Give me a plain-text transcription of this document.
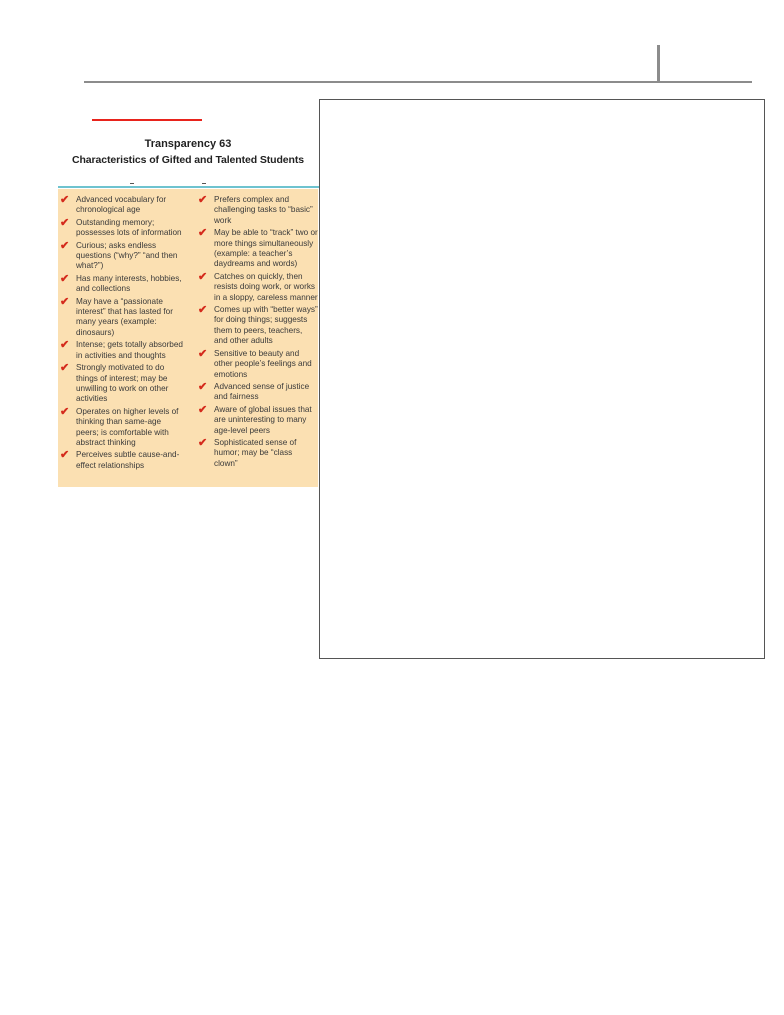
Transparency 63
Characteristics of Gifted and Talented Students
✔ Advanced vocabulary for chronological age
✔ Outstanding memory; possesses lots of information
✔ Curious; asks endless questions (“why?” “and then what?”)
✔ Has many interests, hobbies, and collections
✔ May have a “passionate interest” that has lasted for many years (example: dinosaurs)
✔ Intense; gets totally absorbed in activities and thoughts
✔ Strongly motivated to do things of interest; may be unwilling to work on other activities
✔ Operates on higher levels of thinking than same-age peers; is comfortable with abstract thinking
✔ Perceives subtle cause-and-effect relationships
✔ Prefers complex and challenging tasks to “basic” work
✔ May be able to “track” two or more things simultaneously (example: a teacher’s daydreams and words)
✔ Catches on quickly, then resists doing work, or works in a sloppy, careless manner
✔ Comes up with “better ways” for doing things; suggests them to peers, teachers, and other adults
✔ Sensitive to beauty and other people’s feelings and emotions
✔ Advanced sense of justice and fairness
✔ Aware of global issues that are uninteresting to many age-level peers
✔ Sophisticated sense of humor; may be “class clown”
